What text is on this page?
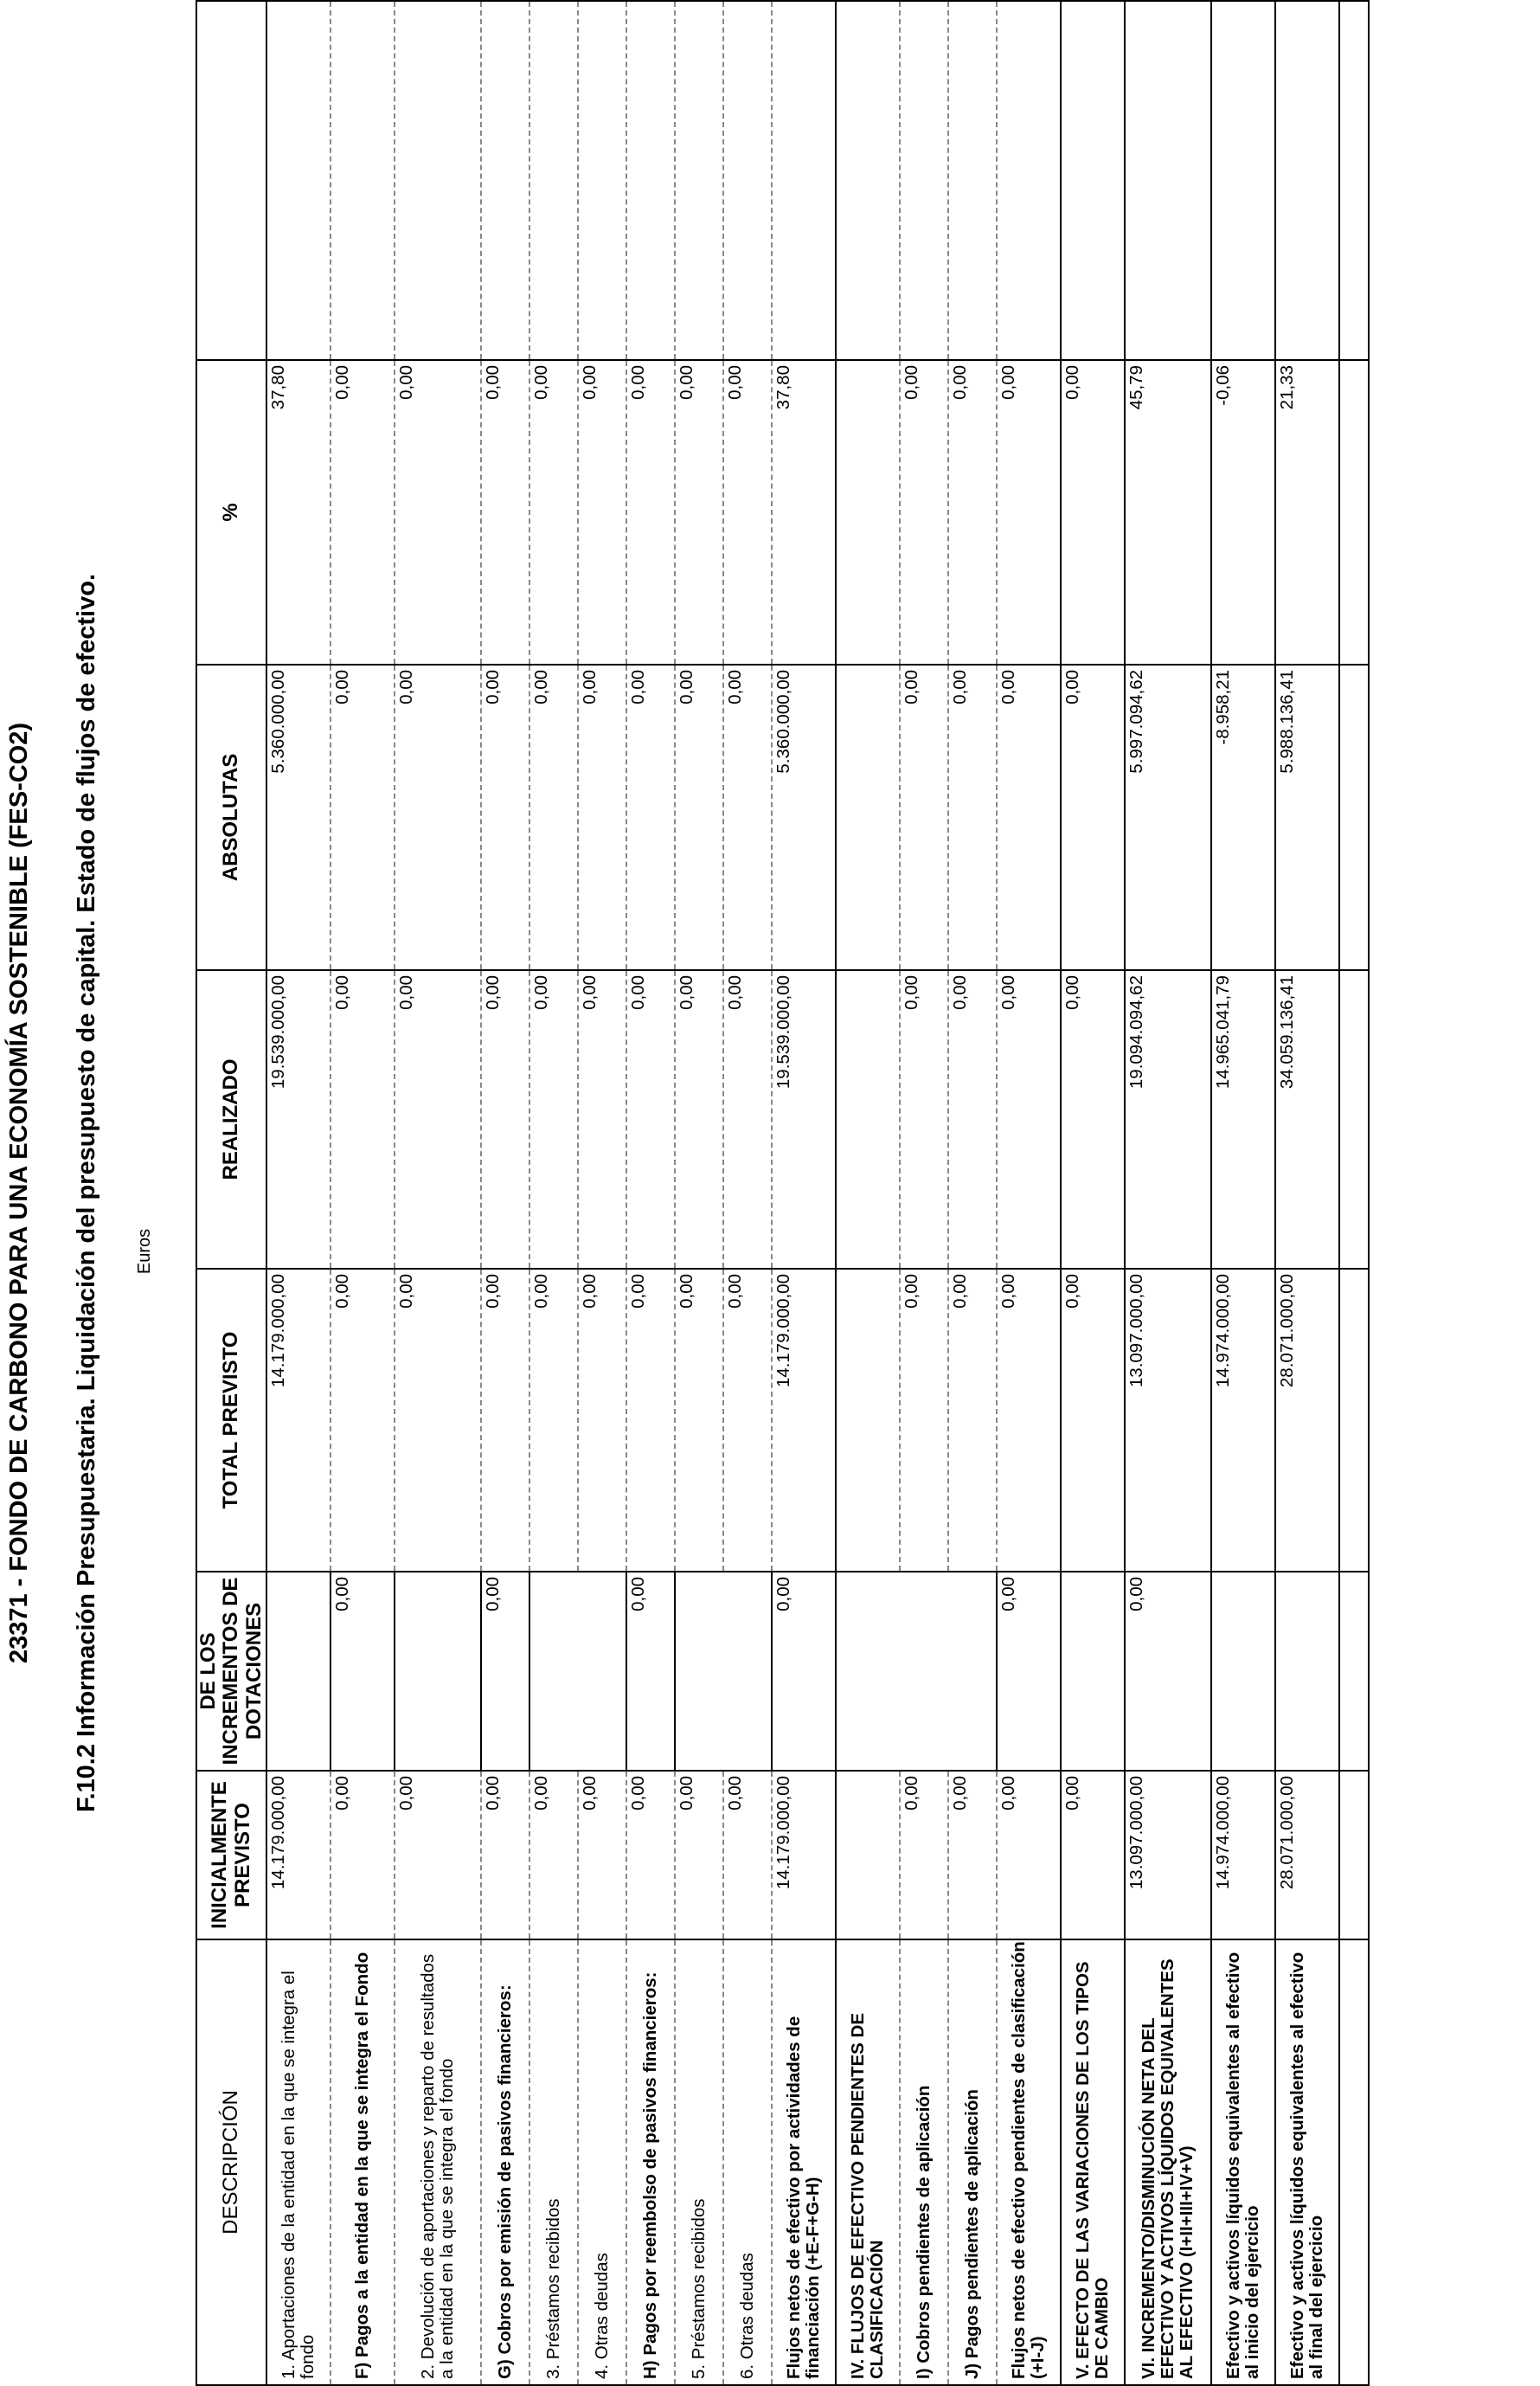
23371 - FONDO DE CARBONO PARA UNA ECONOMÍA SOSTENIBLE (FES-CO2) F.10.2 Información Presupuestaria. Liquidación del presupuesto de capital. Estado de flujos de efectivo. Euros
DESCRIPCIÓN	INICIALMENTE PREVISTO	DE LOS INCREMENTOS DE DOTACIONES	TOTAL PREVISTO	REALIZADO	ABSOLUTAS	%	
1. Aportaciones de la entidad en la que se integra el fondo	14.179.000,00		14.179.000,00	19.539.000,00	5.360.000,00	37,80	
F) Pagos a la entidad en la que se integra el Fondo	0,00	0,00	0,00	0,00	0,00	0,00	
2. Devolución de aportaciones y reparto de resultados a la entidad en la que se integra el fondo	0,00		0,00	0,00	0,00	0,00	
G) Cobros por emisión de pasivos financieros:	0,00	0,00	0,00	0,00	0,00	0,00	
3. Préstamos recibidos	0,00		0,00	0,00	0,00	0,00	
4. Otras deudas	0,00		0,00	0,00	0,00	0,00	
H) Pagos por reembolso de pasivos financieros:	0,00	0,00	0,00	0,00	0,00	0,00	
5. Préstamos recibidos	0,00		0,00	0,00	0,00	0,00	
6. Otras deudas	0,00		0,00	0,00	0,00	0,00	
Flujos netos de efectivo por actividades de financiación (+E-F+G-H)	14.179.000,00	0,00	14.179.000,00	19.539.000,00	5.360.000,00	37,80	
IV. FLUJOS DE EFECTIVO PENDIENTES DE CLASIFICACIÓN							
I) Cobros pendientes de aplicación	0,00		0,00	0,00	0,00	0,00	
J) Pagos pendientes de aplicación	0,00		0,00	0,00	0,00	0,00	
Flujos netos de efectivo pendientes de clasificación (+I-J)	0,00	0,00	0,00	0,00	0,00	0,00	
V. EFECTO DE LAS VARIACIONES DE LOS TIPOS DE CAMBIO	0,00		0,00	0,00	0,00	0,00	
VI. INCREMENTO/DISMINUCIÓN NETA DEL EFECTIVO Y ACTIVOS LÍQUIDOS EQUIVALENTES AL EFECTIVO (I+II+III+IV+V)	13.097.000,00	0,00	13.097.000,00	19.094.094,62	5.997.094,62	45,79	
Efectivo y activos líquidos equivalentes al efectivo al inicio del ejercicio	14.974.000,00		14.974.000,00	14.965.041,79	-8.958,21	-0,06	
Efectivo y activos líquidos equivalentes al efectivo al final del ejercicio	28.071.000,00		28.071.000,00	34.059.136,41	5.988.136,41	21,33	
